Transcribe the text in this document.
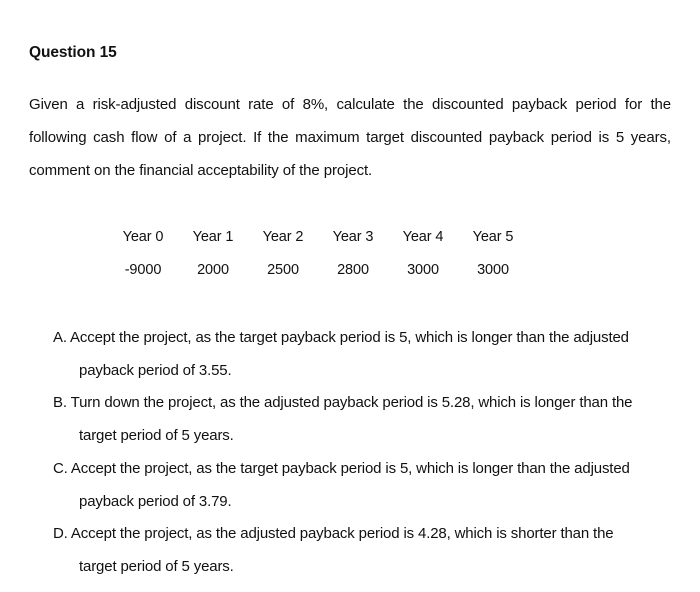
Question 15
Given a risk-adjusted discount rate of 8%, calculate the discounted payback period for the
following cash flow of a project. If the maximum target discounted payback period is 5 years,
comment on the financial acceptability of the project.
Year 0	Year 1	Year 2	Year 3	Year 4	Year 5
-9000	2000	2500	2800	3000	3000
A. Accept the project, as the target payback period is 5, which is longer than the adjusted
payback period of 3.55.
B. Turn down the project, as the adjusted payback period is 5.28, which is longer than the
target period of 5 years.
C. Accept the project, as the target payback period is 5, which is longer than the adjusted
payback period of 3.79.
D. Accept the project, as the adjusted payback period is 4.28, which is shorter than the
target period of 5 years.
